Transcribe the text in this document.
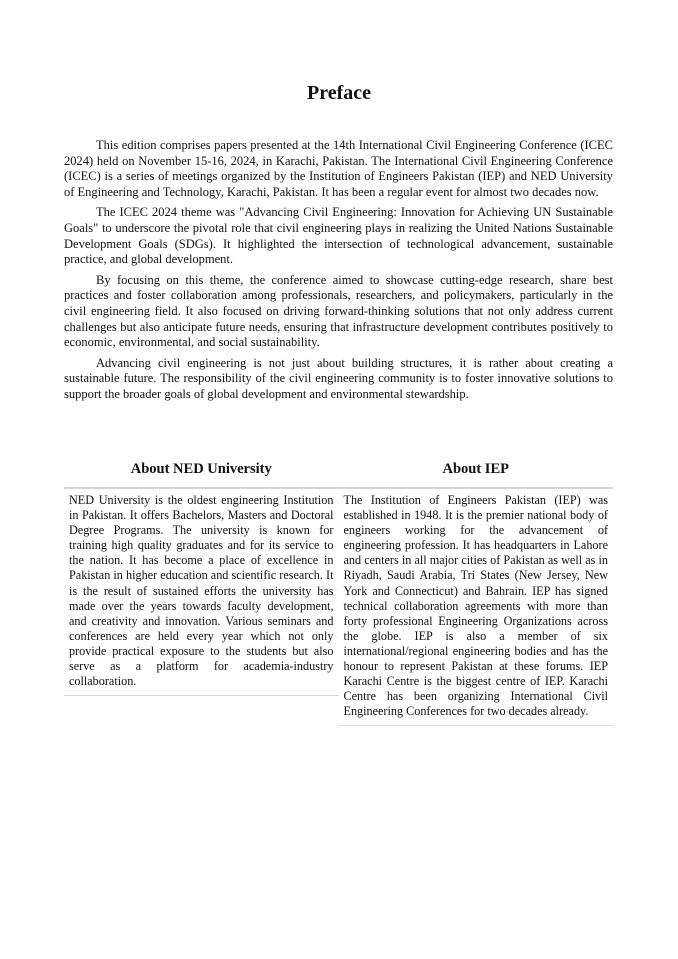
Preface

This edition comprises papers presented at the 14th International Civil Engineering Conference (ICEC 2024) held on November 15-16, 2024, in Karachi, Pakistan. The International Civil Engineering Conference (ICEC) is a series of meetings organized by the Institution of Engineers Pakistan (IEP) and NED University of Engineering and Technology, Karachi, Pakistan. It has been a regular event for almost two decades now.

The ICEC 2024 theme was "Advancing Civil Engineering: Innovation for Achieving UN Sustainable Goals" to underscore the pivotal role that civil engineering plays in realizing the United Nations Sustainable Development Goals (SDGs). It highlighted the intersection of technological advancement, sustainable practice, and global development.

By focusing on this theme, the conference aimed to showcase cutting-edge research, share best practices and foster collaboration among professionals, researchers, and policymakers, particularly in the civil engineering field. It also focused on driving forward-thinking solutions that not only address current challenges but also anticipate future needs, ensuring that infrastructure development contributes positively to economic, environmental, and social sustainability.

Advancing civil engineering is not just about building structures, it is rather about creating a sustainable future. The responsibility of the civil engineering community is to foster innovative solutions to support the broader goals of global development and environmental stewardship.

About NED University

NED University is the oldest engineering Institution in Pakistan. It offers Bachelors, Masters and Doctoral Degree Programs. The university is known for training high quality graduates and for its service to the nation. It has become a place of excellence in Pakistan in higher education and scientific research. It is the result of sustained efforts the university has made over the years towards faculty development, and creativity and innovation. Various seminars and conferences are held every year which not only provide practical exposure to the students but also serve as a platform for academia-industry collaboration.

About IEP

The Institution of Engineers Pakistan (IEP) was established in 1948. It is the premier national body of engineers working for the advancement of engineering profession. It has headquarters in Lahore and centers in all major cities of Pakistan as well as in Riyadh, Saudi Arabia, Tri States (New Jersey, New York and Connecticut) and Bahrain. IEP has signed technical collaboration agreements with more than forty professional Engineering Organizations across the globe. IEP is also a member of six international/regional engineering bodies and has the honour to represent Pakistan at these forums. IEP Karachi Centre is the biggest centre of IEP. Karachi Centre has been organizing International Civil Engineering Conferences for two decades already.
